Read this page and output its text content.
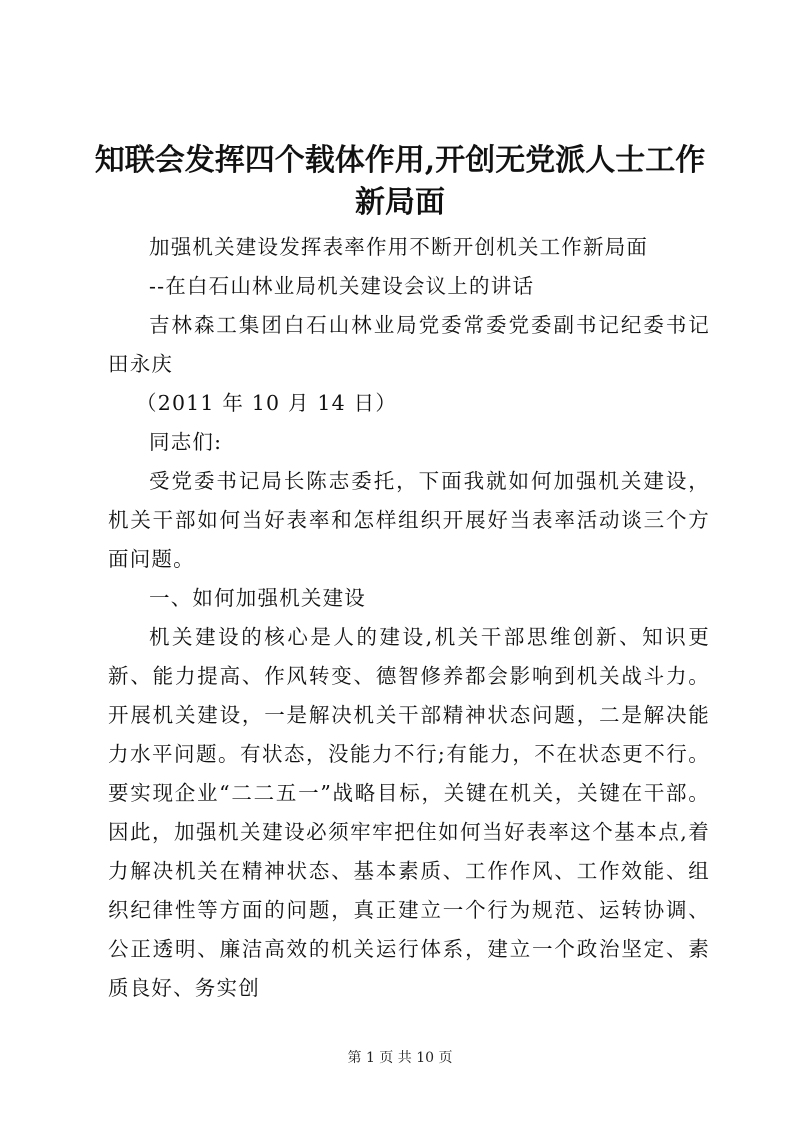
知联会发挥四个载体作用,开创无党派人士工作新局面

加强机关建设发挥表率作用不断开创机关工作新局面

--在白石山林业局机关建设会议上的讲话

吉林森工集团白石山林业局党委常委党委副书记纪委书记田永庆

（2011 年 10 月 14 日）

同志们:

受党委书记局长陈志委托，下面我就如何加强机关建设，机关干部如何当好表率和怎样组织开展好当表率活动谈三个方面问题。

一、如何加强机关建设

机关建设的核心是人的建设,机关干部思维创新、知识更新、能力提高、作风转变、德智修养都会影响到机关战斗力。开展机关建设，一是解决机关干部精神状态问题，二是解决能力水平问题。有状态，没能力不行;有能力，不在状态更不行。要实现企业“二二五一”战略目标，关键在机关，关键在干部。因此，加强机关建设必须牢牢把住如何当好表率这个基本点,着力解决机关在精神状态、基本素质、工作作风、工作效能、组织纪律性等方面的问题，真正建立一个行为规范、运转协调、公正透明、廉洁高效的机关运行体系，建立一个政治坚定、素质良好、务实创

第 1 页 共 10 页
